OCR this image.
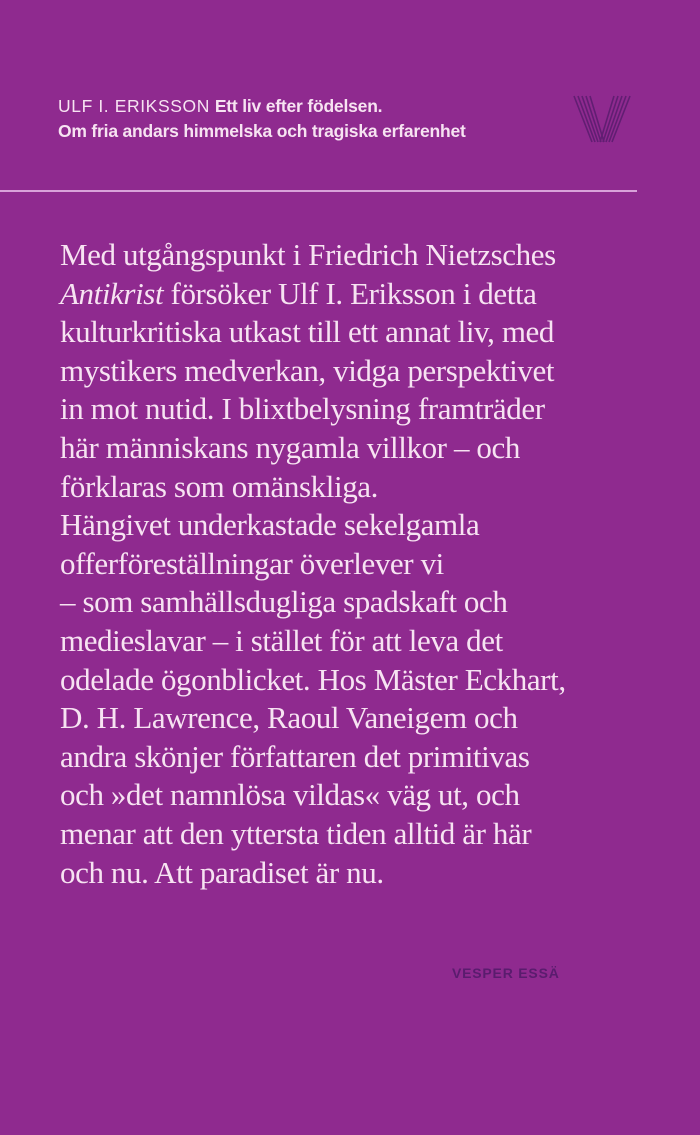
ULF I. ERIKSSON Ett liv efter födelsen.
Om fria andars himmelska och tragiska erfarenhet
Med utgångspunkt i Friedrich Nietzsches
Antikrist försöker Ulf I. Eriksson i detta
kulturkritiska utkast till ett annat liv, med
mystikers medverkan, vidga perspektivet
in mot nutid. I blixtbelysning framträder
här människans nygamla villkor – och
förklaras som omänskliga.
Hängivet underkastade sekelgamla
offerföreställningar överlever vi
– som samhällsdugliga spadskaft och
medieslavar – i stället för att leva det
odelade ögonblicket. Hos Mäster Eckhart,
D. H. Lawrence, Raoul Vaneigem och
andra skönjer författaren det primitivas
och »det namnlösa vildas« väg ut, och
menar att den yttersta tiden alltid är här
och nu. Att paradiset är nu.
VESPER ESSÄ
